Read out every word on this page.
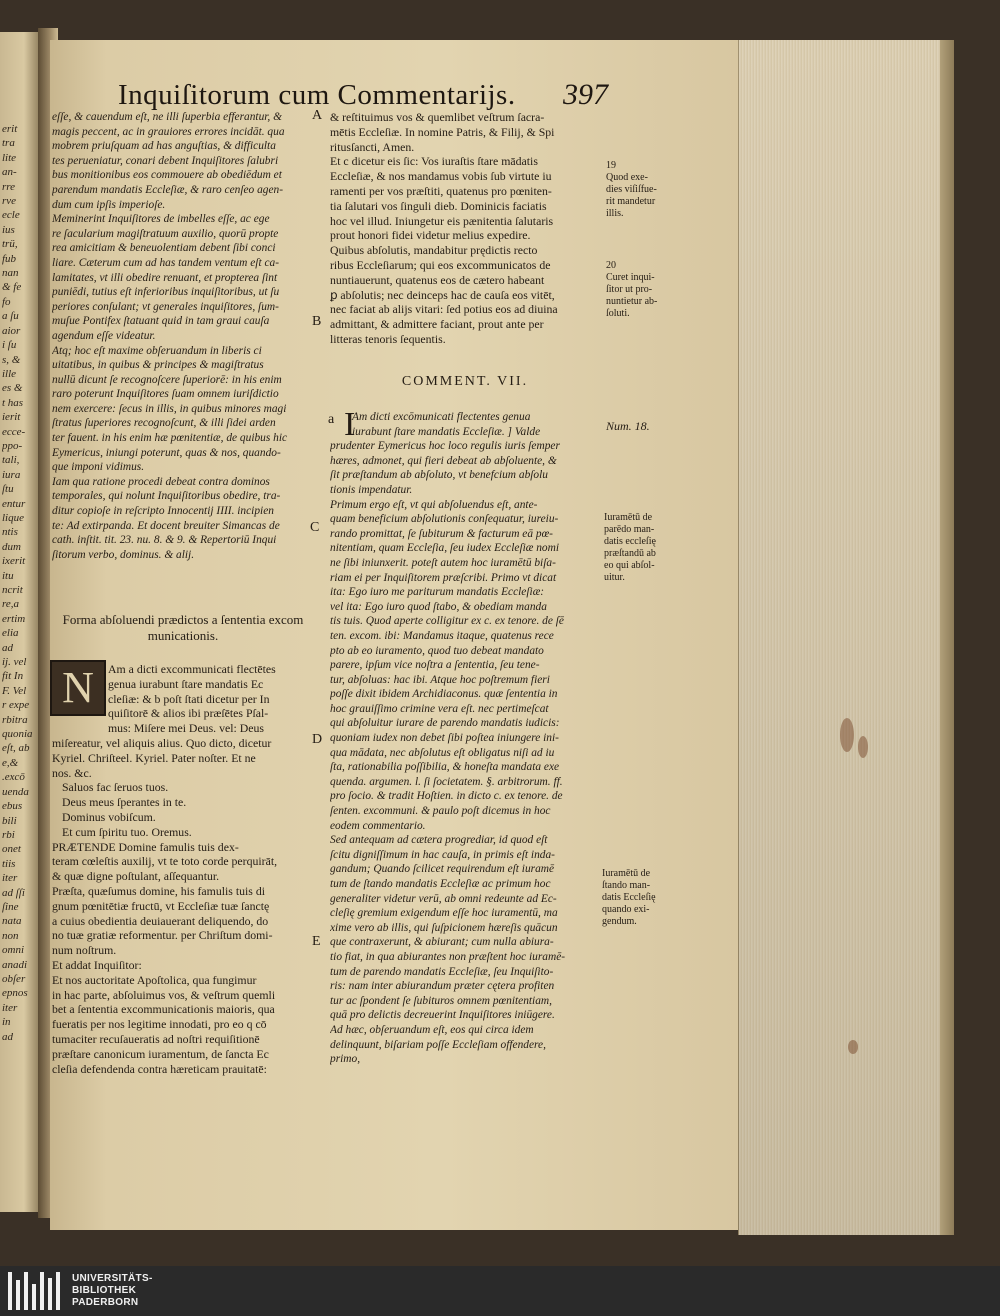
erit
tra
lite
an-
rre
rve
ecle
ius
trü,
fub
nan
& fe
fo
a ſu
aior
i ſu
s, &
ille
es &
t has
ierit
ecce-
ppo-
tali,
iura
ſtu
entur
lique
ntis
dum
ixerit
itu
ncrit
re,a
ertim
elia
ad
ij. vel
fit In
F. Vel
r expe
rbitra
quonia
eſt, ab
e,&
.excō
uenda
ebus
bili
rbi
onet
tiis
iter
ad ſſi
ſine
nata
non
omni
anadi
obſer
epnos
iter
in
ad
Inquiſitorum cum Commentarijs. 397
eſſe, & cauendum eſt, ne illi ſuperbia efferantur, &
magis peccent, ac in grauiores errores incidāt. qua
mobrem priuſquam ad has anguſtias, & difficulta
tes perueniatur, conari debent Inquiſitores ſalubri
bus monitionibus eos commouere ab obediēdum et
parendum mandatis Eccleſiæ, & raro cenſeo agen-
dum cum ipſis imperioſe.
Meminerint Inquiſitores de imbelles eſſe, ac ege
re ſacularium magiſtratuum auxilio, quorū propte
rea amicitiam & beneuolentiam debent ſibi conci
liare. Cæterum cum ad has tandem ventum eſt ca-
lamitates, vt illi obedire renuant, et propterea ſint
puniēdi, tutius eſt inferioribus inquiſitoribus, ut ſu
periores conſulant; vt generales inquiſitores, ſum-
muſue Pontifex ſtatuant quid in tam graui cauſa
agendum eſſe videatur.
Atq; hoc eſt maxime obſeruandum in liberis ci
uitatibus, in quibus & principes & magiſtratus
nullū dicunt ſe recognoſcere ſuperiorē: in his enim
raro poterunt Inquiſitores ſuam omnem iuriſdictio
nem exercere: ſecus in illis, in quibus minores magi
ſtratus ſuperiores recognoſcunt, & illi ſidei arden
ter fauent. in his enim hæ pœnitentiæ, de quibus hic
Eymericus, iniungi poterunt, quas & nos, quando-
que imponi vidimus.
Iam qua ratione procedi debeat contra dominos
temporales, qui nolunt Inquiſitoribus obedire, tra-
ditur copioſe in reſcripto Innocentij IIII. incipien
te: Ad extirpanda. Et docent breuiter Simancas de
cath. inſtit. tit. 23. nu. 8. & 9. & Repertoriū Inqui
ſitorum verbo, dominus. & alij.
Forma abſoluendi prædictos a ſententia excom
municationis.
N	Am a dicti excommunicati flectētes
genua iurabunt ſtare mandatis Ec
cleſiæ: & b poſt ſtati dicetur per In
quiſitorē & alios ibi præſētes Pſal-
mus: Miſere mei Deus. vel: Deus
miſereatur, vel aliquis alius. Quo dicto, dicetur
Kyriel. Chriſteel. Kyriel. Pater noſter. Et ne
nos. &c.
Saluos fac ſeruos tuos.
Deus meus ſperantes in te.
Dominus vobiſcum.
Et cum ſpiritu tuo. Oremus.
PRÆTENDE Domine famulis tuis dex-
teram cœleſtis auxilij, vt te toto corde perquirāt,
& quæ digne poſtulant, aſſequantur.
Præſta, quæſumus domine, his famulis tuis di
gnum pœnitētiæ fructū, vt Eccleſiæ tuæ ſanctę
a cuius obedientia deuiauerant deliquendo, do
no tuæ gratiæ reformentur. per Chriſtum domi-
num noſtrum.
Et addat Inquiſitor:
Et nos auctoritate Apoſtolica, qua fungimur
in hac parte, abſoluimus vos, & veſtrum quemli
bet a ſententia excommunicationis maioris, qua
fueratis per nos legitime innodati, pro eo q cō
tumaciter recuſaueratis ad noſtri requiſitionē
præſtare canonicum iuramentum, de ſancta Ec
cleſia defendenda contra hæreticam prauitatē:
& reſtituimus vos & quemlibet veſtrum ſacra-
mētis Eccleſiæ. In nomine Patris, & Filij, & Spi
ritusſancti, Amen.
Et c dicetur eis ſic: Vos iuraſtis ſtare mādatis
Eccleſiæ, & nos mandamus vobis ſub virtute iu
ramenti per vos præſtiti, quatenus pro pœniten-
tia ſalutari vos ſinguli dieb. Dominicis faciatis
hoc vel illud. Iniungetur eis pænitentia ſalutaris
prout honori fidei videtur melius expedire.
Quibus abſolutis, mandabitur prędictis recto
ribus Eccleſiarum; qui eos excommunicatos de
nuntiauerunt, quatenus eos de cætero habeant
ꝑ abſolutis; nec deinceps hac de cauſa eos vitēt,
nec faciat ab alijs vitari: ſed potius eos ad diuina
admittant, & admittere faciant, prout ante per
litteras tenoris ſequentis.
COMMENT. VII.
I
Am dicti excōmunicati flectentes genua
iurabunt ſtare mandatis Eccleſiæ. ] Valde
prudenter Eymericus hoc loco regulis iuris ſemper
hæres, admonet, qui fieri debeat ab abſoluente, &
ſit præſtandum ab abſoluto, vt benefcium abſolu
tionis impendatur.
Primum ergo eſt, vt qui abſoluendus eſt, ante-
quam beneficium abſolutionis conſequatur, iureiu-
rando promittat, ſe ſubiturum & facturum eā pœ-
nitentiam, quam Eccleſia, ſeu iudex Eccleſiæ nomi
ne ſibi iniunxerit. poteſt autem hoc iuramētū biſa-
riam ei per Inquiſitorem præſcribi. Primo vt dicat
ita: Ego iuro me pariturum mandatis Eccleſiæ:
vel ita: Ego iuro quod ſtabo, & obediam manda
tis tuis. Quod aperte colligitur ex c. ex tenore. de ſē
ten. excom. ibi: Mandamus itaque, quatenus rece
pto ab eo iuramento, quod tuo debeat mandato
parere, ipſum vice noſtra a ſententia, ſeu tene-
tur, abſoluas: hac ibi. Atque hoc poſtremum fieri
poſſe dixit ibidem Archidiaconus. quæ ſententia in
hoc grauiſſimo crimine vera eſt. nec pertimeſcat
qui abſoluitur iurare de parendo mandatis iudicis:
quoniam iudex non debet ſibi poſtea iniungere ini-
qua mādata, nec abſolutus eſt obligatus niſi ad iu
ſta, rationabilia poſſibilia, & honeſta mandata exe
quenda. argumen. l. ſi ſocietatem. §. arbitrorum. ff.
pro ſocio. & tradit Hoſtien. in dicto c. ex tenore. de
ſenten. excommuni. & paulo poſt dicemus in hoc
eodem commentario.
Sed antequam ad cætera progrediar, id quod eſt
ſcitu digniſſimum in hac cauſa, in primis eſt inda-
gandum; Quando ſcilicet requirendum eſt iuramē
tum de ſtando mandatis Eccleſiæ ac primum hoc
generaliter videtur verū, ab omni redeunte ad Ec-
cleſię gremium exigendum eſſe hoc iuramentū, ma
xime vero ab illis, qui ſuſpicionem hæreſis quācun
que contraxerunt, & abiurant; cum nulla abiura-
tio fiat, in qua abiurantes non præſtent hoc iuramē-
tum de parendo mandatis Eccleſiæ, ſeu Inquiſito-
ris: nam inter abiurandum præter cętera profiten
tur ac ſpondent ſe ſubituros omnem pœnitentiam,
quā pro delictis decreuerint Inquiſitores iniūgere.
Ad hæc, obſeruandum eſt, eos qui circa idem
delinquunt, biſariam poſſe Eccleſiam offendere,
primo,
A
B
C
D
E
a
19
Quod exe-
dies viſiſfue-
rit mandetur
illis.
20
Curet inqui-
ſitor ut pro-
nuntietur ab-
ſoluti.
Num. 18.
Iuramētū de
parēdo man-
datis eccleſię
præſtandū ab
eo qui abſol-
uitur.
Iuramētū de
ſtando man-
datis Eccleſię
quando exi-
gendum.
UNIVERSITÄTS-
BIBLIOTHEK
PADERBORN
